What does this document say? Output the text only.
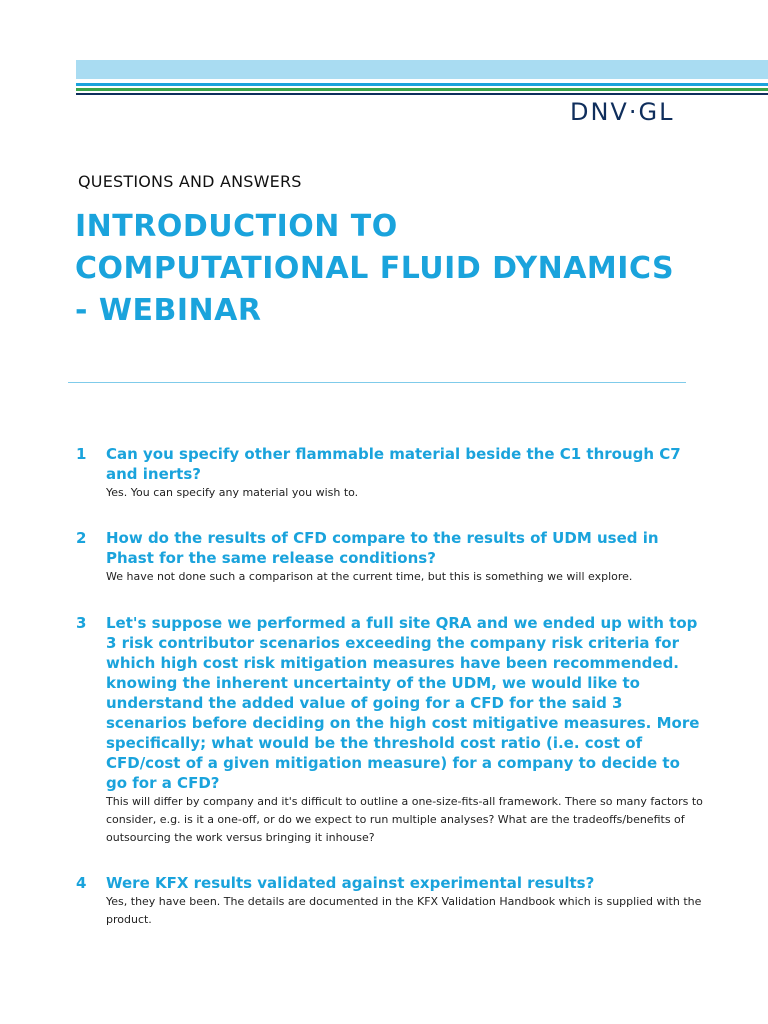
DNV·GL
QUESTIONS AND ANSWERS
INTRODUCTION TO COMPUTATIONAL FLUID DYNAMICS - WEBINAR
1 Can you specify other flammable material beside the C1 through C7 and inerts?
Yes. You can specify any material you wish to.
2 How do the results of CFD compare to the results of UDM used in Phast for the same release conditions?
We have not done such a comparison at the current time, but this is something we will explore.
3 Let's suppose we performed a full site QRA and we ended up with top 3 risk contributor scenarios exceeding the company risk criteria for which high cost risk mitigation measures have been recommended. knowing the inherent uncertainty of the UDM, we would like to understand the added value of going for a CFD for the said 3 scenarios before deciding on the high cost mitigative measures. More specifically; what would be the threshold cost ratio (i.e. cost of CFD/cost of a given mitigation measure) for a company to decide to go for a CFD?
This will differ by company and it's difficult to outline a one-size-fits-all framework. There so many factors to consider, e.g. is it a one-off, or do we expect to run multiple analyses? What are the tradeoffs/benefits of outsourcing the work versus bringing it inhouse?
4 Were KFX results validated against experimental results?
Yes, they have been. The details are documented in the KFX Validation Handbook which is supplied with the product.
